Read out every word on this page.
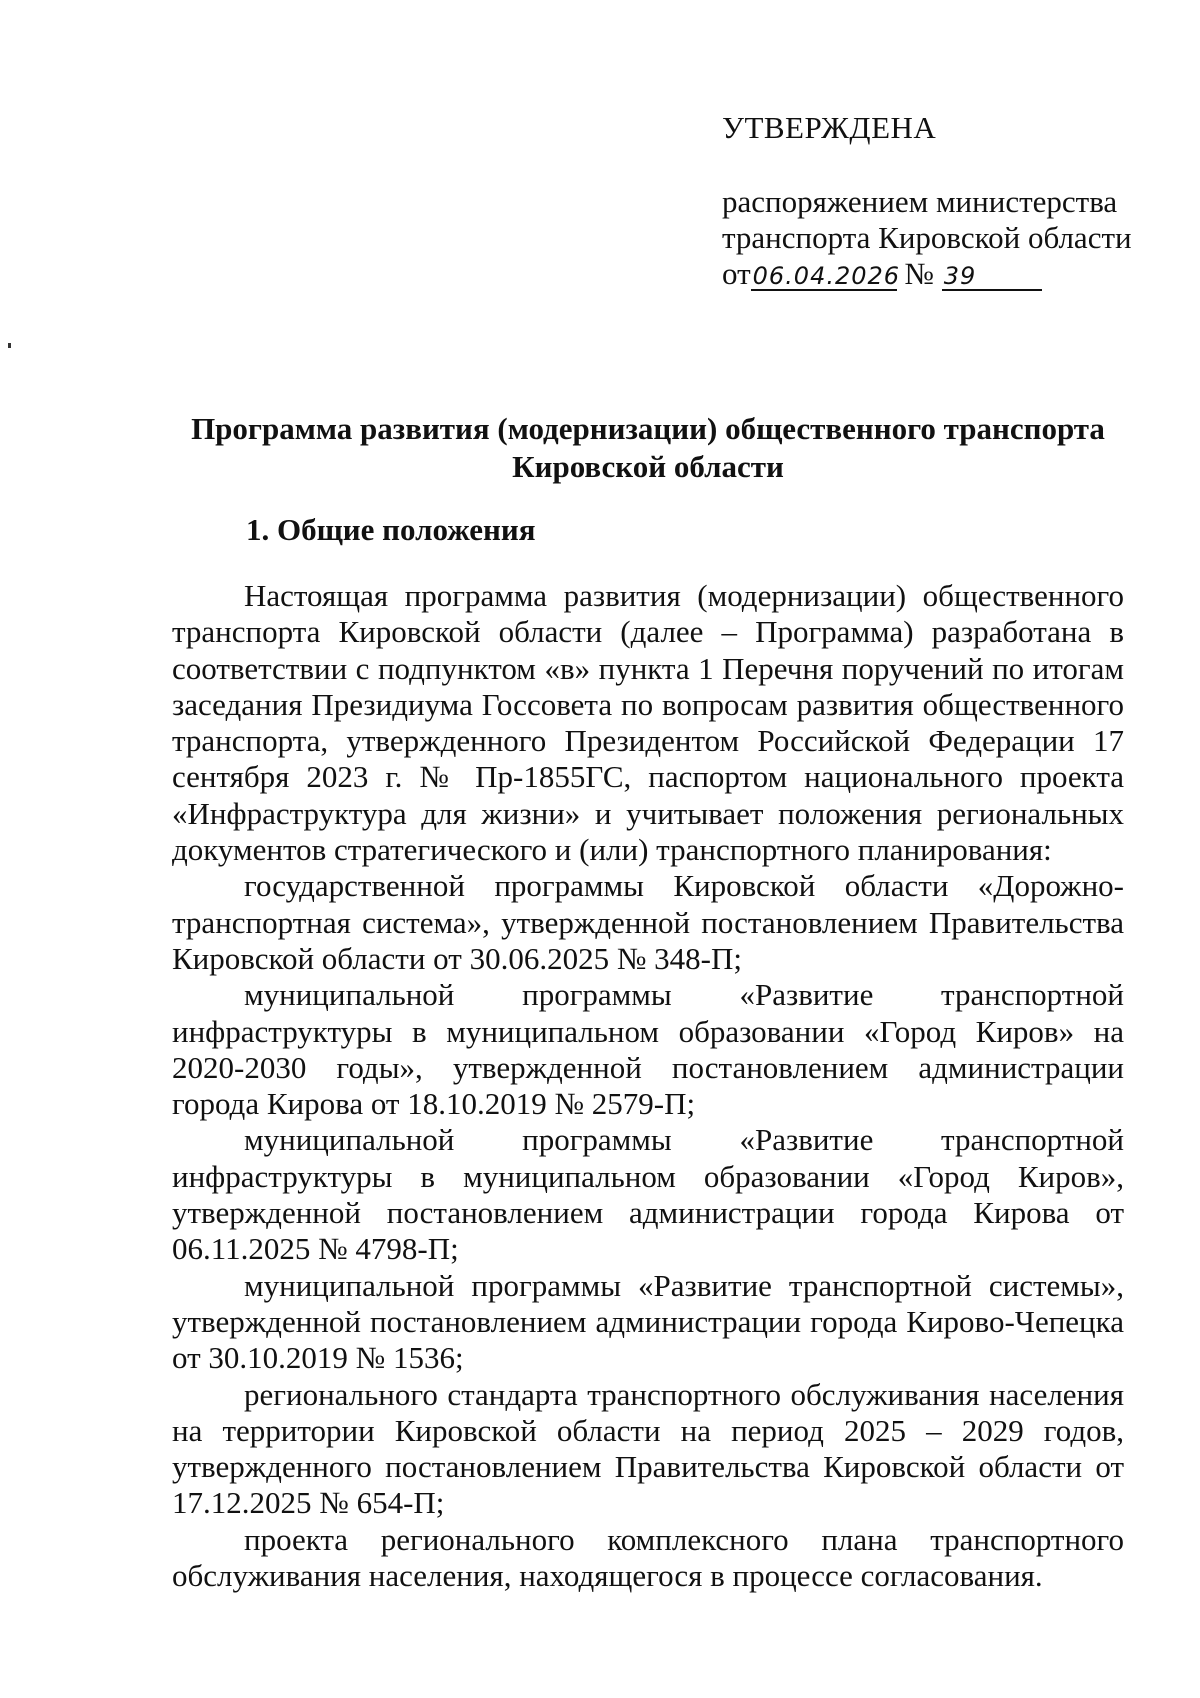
УТВЕРЖДЕНА
распоряжением министерства
транспорта Кировской области
от06.04.2026 № 39
Программа развития (модернизации) общественного транспорта
Кировской области
1. Общие положения

Настоящая программа развития (модернизации) общественного транспорта Кировской области (далее – Программа) разработана в соответствии с подпунктом «в» пункта 1 Перечня поручений по итогам заседания Президиума Госсовета по вопросам развития общественного транспорта, утвержденного Президентом Российской Федерации 17 сентября 2023 г. № Пр-1855ГС, паспортом национального проекта «Инфраструктура для жизни» и учитывает положения региональных документов стратегического и (или) транспортного планирования:

государственной программы Кировской области «Дорожно-транспортная система», утвержденной постановлением Правительства Кировской области от 30.06.2025 № 348-П;

муниципальной программы «Развитие транспортной инфраструктуры в муниципальном образовании «Город Киров» на 2020-2030 годы», утвержденной постановлением администрации города Кирова от 18.10.2019 № 2579-П;

муниципальной программы «Развитие транспортной инфраструктуры в муниципальном образовании «Город Киров», утвержденной постановлением администрации города Кирова от 06.11.2025 № 4798-П;

муниципальной программы «Развитие транспортной системы», утвержденной постановлением администрации города Кирово-Чепецка от 30.10.2019 № 1536;

регионального стандарта транспортного обслуживания населения на территории Кировской области на период 2025 – 2029 годов, утвержденного постановлением Правительства Кировской области от 17.12.2025 № 654-П;

проекта регионального комплексного плана транспортного обслуживания населения, находящегося в процессе согласования.
